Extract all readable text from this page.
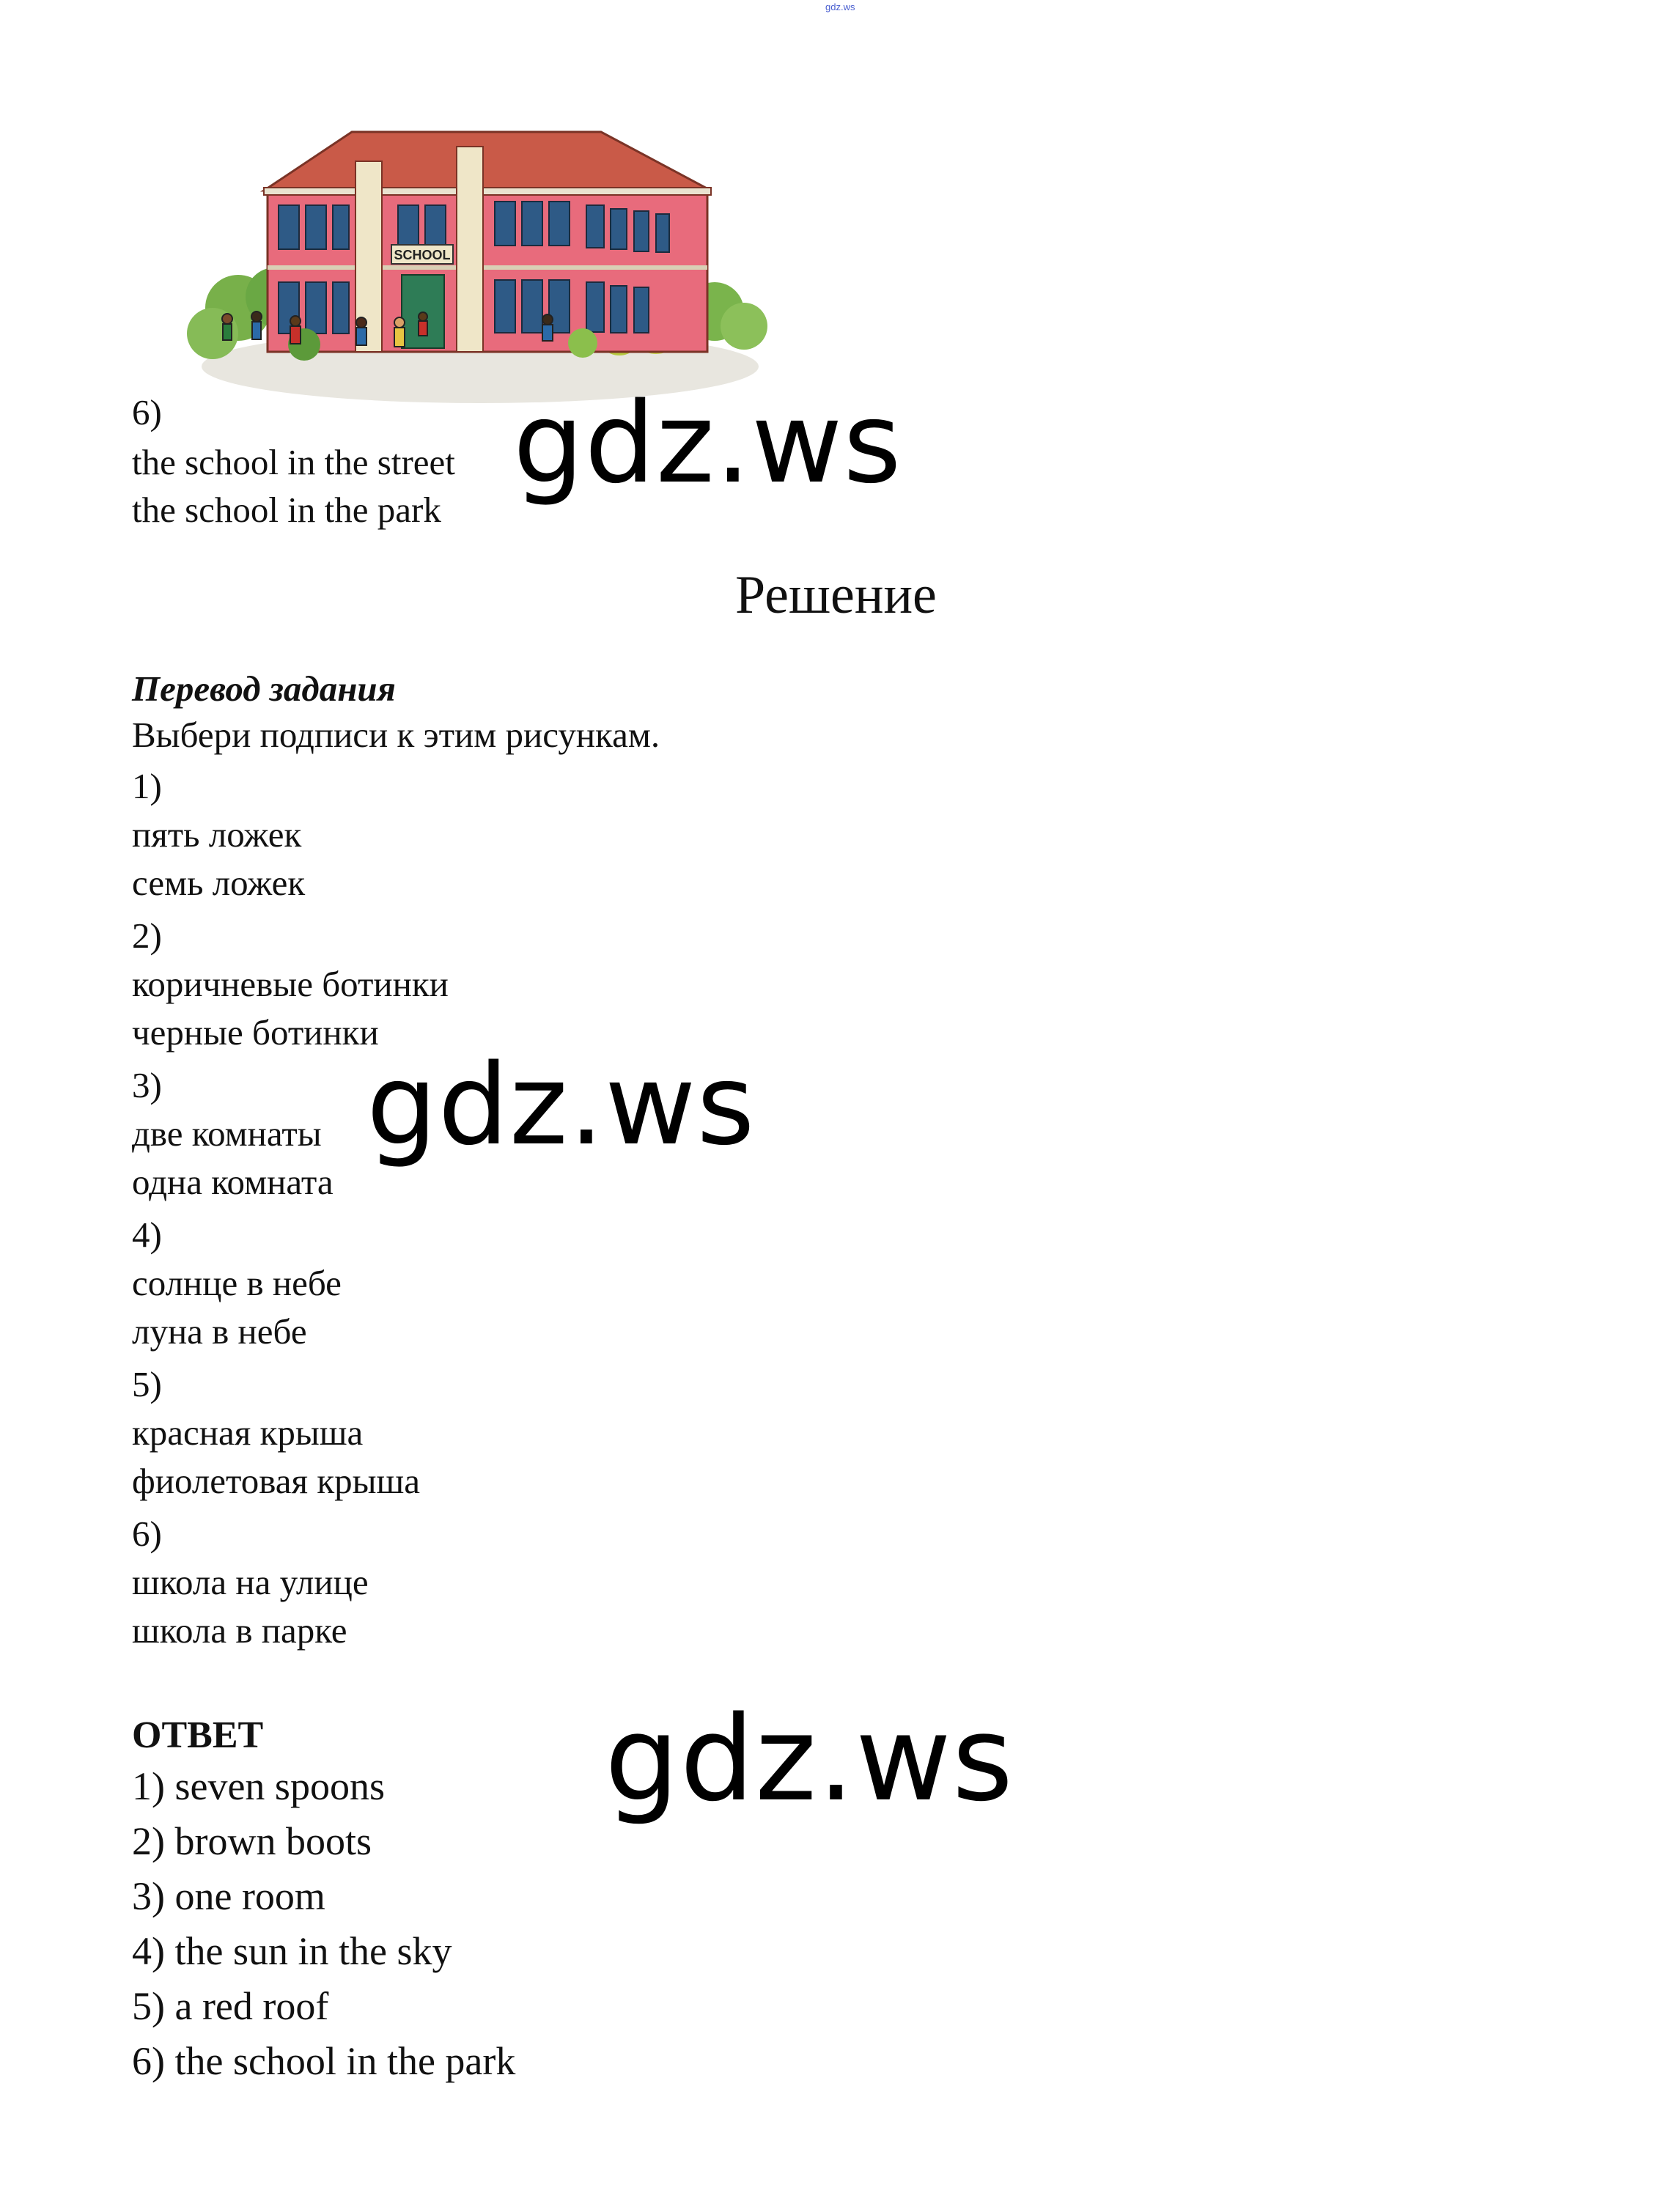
gdz.ws
SCHOOL
6)
the school in the street
the school in the park
gdz.ws
Решение
Перевод задания
Выбери подписи к этим рисункам.
1)
пять ложек
семь ложек
2)
коричневые ботинки
черные ботинки
3)
две комнаты
одна комната
4)
солнце в небе
луна в небе
5)
красная крыша
фиолетовая крыша
6)
школа на улице
школа в парке
gdz.ws
ОТВЕТ
1) seven spoons
2) brown boots
3) one room
4) the sun in the sky
5) a red roof
6) the school in the park
gdz.ws
